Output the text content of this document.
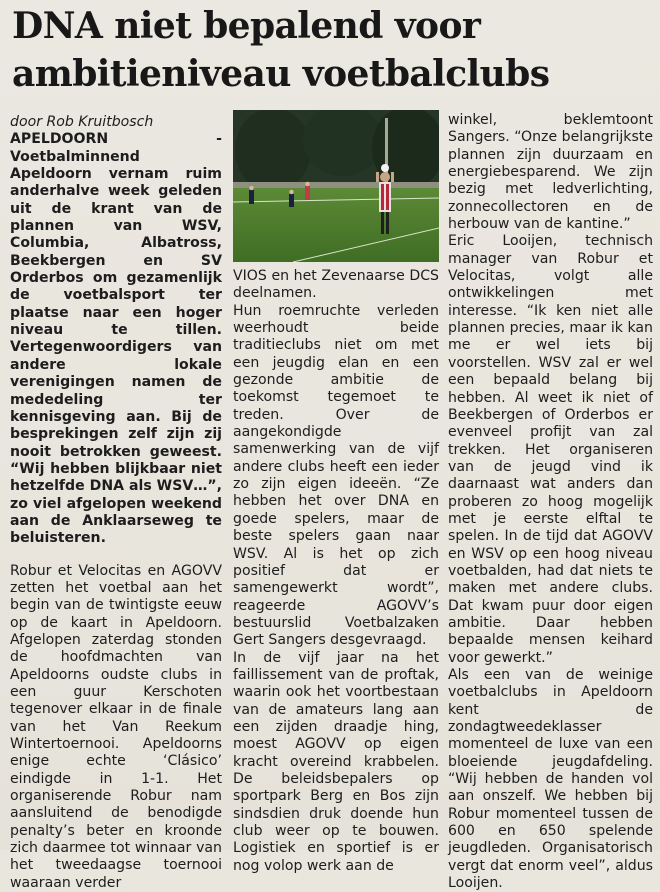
DNA niet bepalend voor
ambitieniveau voetbalclubs

door Rob Kruitbosch

APELDOORN - Voetbalminnend Apeldoorn vernam ruim anderhalve week geleden uit de krant van de plannen van WSV, Columbia, Albatross, Beekbergen en SV Orderbos om gezamenlijk de voetbalsport ter plaatse naar een hoger niveau te tillen. Vertegenwoordigers van andere lokale verenigingen namen de mededeling ter kennisgeving aan. Bij de besprekingen zelf zijn zij nooit betrokken geweest. “Wij hebben blijkbaar niet hetzelfde DNA als WSV…”, zo viel afgelopen weekend aan de Anklaarseweg te beluisteren.

Robur et Velocitas en AGOVV zetten het voetbal aan het begin van de twintigste eeuw op de kaart in Apeldoorn. Afgelopen zaterdag stonden de hoofdmachten van Apeldoorns oudste clubs in een guur Kerschoten tegenover elkaar in de finale van het Van Reekum Wintertoernooi. Apeldoorns enige echte ‘Clásico’ eindigde in 1-1. Het organiserende Robur nam aansluitend de benodigde penalty’s beter en kroonde zich daarmee tot winnaar van het tweedaagse toernooi waaraan verder

VIOS en het Zevenaarse DCS deelnamen.

Hun roemruchte verleden weerhoudt beide traditieclubs niet om met een jeugdig elan en een gezonde ambitie de toekomst tegemoet te treden. Over de aangekondigde samenwerking van de vijf andere clubs heeft een ieder zo zijn eigen ideeën. “Ze hebben het over DNA en goede spelers, maar de beste spelers gaan naar WSV. Al is het op zich positief dat er samengewerkt wordt”, reageerde AGOVV’s bestuurslid Voetbalzaken Gert Sangers desgevraagd.

In de vijf jaar na het faillissement van de proftak, waarin ook het voortbestaan van de amateurs lang aan een zijden draadje hing, moest AGOVV op eigen kracht overeind krabbelen. De beleidsbepalers op sportpark Berg en Bos zijn sindsdien druk doende hun club weer op te bouwen. Logistiek en sportief is er nog volop werk aan de

winkel, beklemtoont Sangers. “Onze belangrijkste plannen zijn duurzaam en energiebesparend. We zijn bezig met ledverlichting, zonnecollectoren en de herbouw van de kantine.”

Eric Looijen, technisch manager van Robur et Velocitas, volgt alle ontwikkelingen met interesse. “Ik ken niet alle plannen precies, maar ik kan me er wel iets bij voorstellen. WSV zal er wel een bepaald belang bij hebben. Al weet ik niet of Beekbergen of Orderbos er evenveel profijt van zal trekken. Het organiseren van de jeugd vind ik daarnaast wat anders dan proberen zo hoog mogelijk met je eerste elftal te spelen. In de tijd dat AGOVV en WSV op een hoog niveau voetbalden, had dat niets te maken met andere clubs. Dat kwam puur door eigen ambitie. Daar hebben bepaalde mensen keihard voor gewerkt.”

Als een van de weinige voetbalclubs in Apeldoorn kent de zondagtweedeklasser momenteel de luxe van een bloeiende jeugdafdeling. “Wij hebben de handen vol aan onszelf. We hebben bij Robur momenteel tussen de 600 en 650 spelende jeugdleden. Organisatorisch vergt dat enorm veel”, aldus Looijen.
